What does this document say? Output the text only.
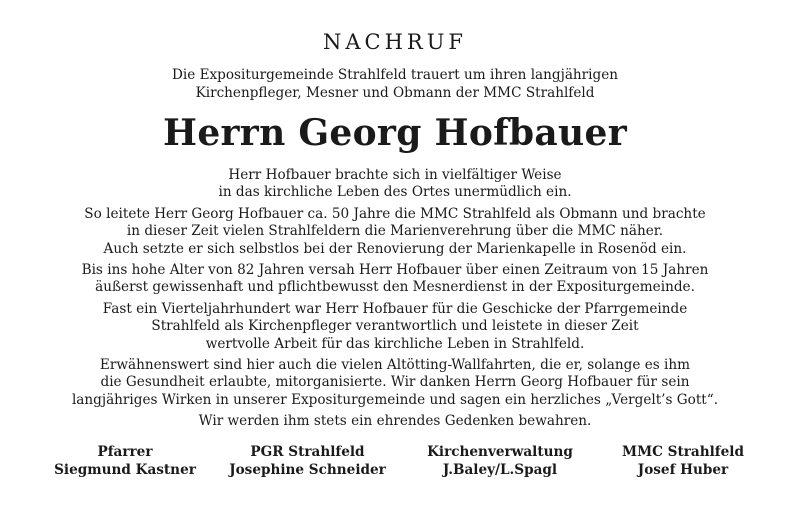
NACHRUF
Die Expositurgemeinde Strahlfeld trauert um ihren langjährigen
Kirchenpfleger, Mesner und Obmann der MMC Strahlfeld
Herrn Georg Hofbauer
Herr Hofbauer brachte sich in vielfältiger Weise
in das kirchliche Leben des Ortes unermüdlich ein.
So leitete Herr Georg Hofbauer ca. 50 Jahre die MMC Strahlfeld als Obmann und brachte
in dieser Zeit vielen Strahlfeldern die Marienverehrung über die MMC näher.
Auch setzte er sich selbstlos bei der Renovierung der Marienkapelle in Rosenöd ein.
Bis ins hohe Alter von 82 Jahren versah Herr Hofbauer über einen Zeitraum von 15 Jahren
äußerst gewissenhaft und pflichtbewusst den Mesnerdienst in der Expositurgemeinde.
Fast ein Vierteljahrhundert war Herr Hofbauer für die Geschicke der Pfarrgemeinde
Strahlfeld als Kirchenpfleger verantwortlich und leistete in dieser Zeit
wertvolle Arbeit für das kirchliche Leben in Strahlfeld.
Erwähnenswert sind hier auch die vielen Altötting-Wallfahrten, die er, solange es ihm
die Gesundheit erlaubte, mitorganisierte. Wir danken Herrn Georg Hofbauer für sein
langjähriges Wirken in unserer Expositurgemeinde und sagen ein herzliches „Vergelt’s Gott“.
Wir werden ihm stets ein ehrendes Gedenken bewahren.
Pfarrer
Siegmund Kastner
PGR Strahlfeld
Josephine Schneider
Kirchenverwaltung
J.Baley/L.Spagl
MMC Strahlfeld
Josef Huber
